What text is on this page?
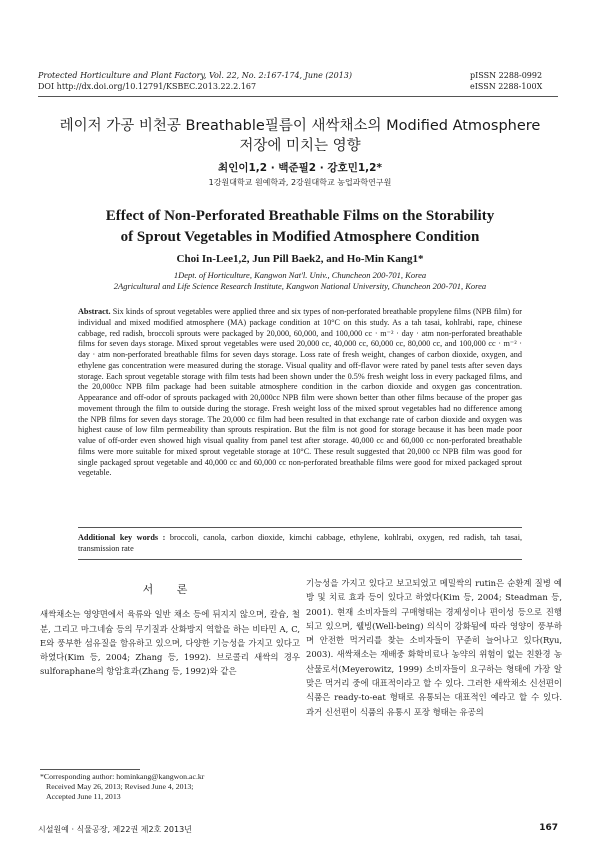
Protected Horticulture and Plant Factory, Vol. 22, No. 2:167-174, June (2013)
DOI http://dx.doi.org/10.12791/KSBEC.2013.22.2.167
pISSN 2288-0992
eISSN 2288-100X
레이저 가공 비천공 Breathable필름이 새싹채소의 Modified Atmosphere
저장에 미치는 영향
최인이1,2 · 백준필2 · 강호민1,2*
1강원대학교 원예학과, 2강원대학교 농업과학연구원
Effect of Non-Perforated Breathable Films on the Storability
of Sprout Vegetables in Modified Atmosphere Condition
Choi In-Lee1,2, Jun Pill Baek2, and Ho-Min Kang1*
1Dept. of Horticulture, Kangwon Nat'l. Univ., Chuncheon 200-701, Korea
2Agricultural and Life Science Research Institute, Kangwon National University, Chuncheon 200-701, Korea
Abstract. Six kinds of sprout vegetables were applied three and six types of non-perforated breathable propylene films (NPB film) for individual and mixed modified atmosphere (MA) package condition at 10°C on this study. As a tah tasai, kohlrabi, rape, chinese cabbage, red radish, broccoli sprouts were packaged by 20,000, 60,000, and 100,000 cc · m⁻² · day · atm non-perforated breathable films for seven days storage. Mixed sprout vegetables were used 20,000 cc, 40,000 cc, 60,000 cc, 80,000 cc, and 100,000 cc · m⁻² · day · atm non-perforated breathable films for seven days storage. Loss rate of fresh weight, changes of carbon dioxide, oxygen, and ethylene gas concentration were measured during the storage. Visual quality and off-flavor were rated by panel tests after seven days storage. Each sprout vegetable storage with film tests had been shown under the 0.5% fresh weight loss in every packaged films, and the 20,000cc NPB film package had been suitable atmosphere condition in the carbon dioxide and oxygen gas concentration. Appearance and off-odor of sprouts packaged with 20,000cc NPB film were shown better than other films because of the proper gas movement through the film to outside during the storage. Fresh weight loss of the mixed sprout vegetables had no difference among the NPB films for seven days storage. The 20,000 cc film had been resulted in that exchange rate of carbon dioxide and oxygen was highest cause of low film permeability than sprouts respiration. But the film is not good for storage because it has been made poor value of off-order even showed high visual quality from panel test after storage. 40,000 cc and 60,000 cc non-perforated breathable films were more suitable for mixed sprout vegetable storage at 10°C. These result suggested that 20,000 cc NPB film was good for single packaged sprout vegetable and 40,000 cc and 60,000 cc non-perforated breathable films were good for mixed packaged sprout vegetable.
Additional key words : broccoli, canola, carbon dioxide, kimchi cabbage, ethylene, kohlrabi, oxygen, red radish, tah tasai, transmission rate
서 론

새싹채소는 영양면에서 육류와 일반 채소 등에 뒤지지 않으며, 칼슘, 철분, 그리고 마그네슘 등의 무기질과 산화방지 역할을 하는 비타민 A, C, E와 풍부한 섬유질을 함유하고 있으며, 다양한 기능성을 가지고 있다고 하였다(Kim 등, 2004; Zhang 등, 1992). 브로콜리 새싹의 경우 sulforaphane의 항암효과(Zhang 등, 1992)와 같은

기능성을 가지고 있다고 보고되었고 메밀싹의 rutin은 순환계 질병 예방 및 치료 효과 등이 있다고 하였다(Kim 등, 2004; Steadman 등, 2001). 현재 소비자들의 구매형태는 경제성이나 편이성 등으로 진행되고 있으며, 웰빙(Well-being) 의식이 강화됨에 따라 영양이 풍부하며 안전한 먹거리를 찾는 소비자들이 꾸준히 늘어나고 있다(Ryu, 2003). 새싹채소는 재배중 화학비료나 농약의 위험이 없는 친환경 농산물로서(Meyerowitz, 1999) 소비자들이 요구하는 형태에 가장 알맞은 먹거리 중에 대표적이라고 할 수 있다. 그러한 새싹채소 신선편이 식품은 ready-to-eat 형태로 유통되는 대표적인 예라고 할 수 있다. 과거 신선편이 식품의 유통시 포장 형태는 유공의

*Corresponding author: hominkang@kangwon.ac.kr
Received May 26, 2013; Revised June 4, 2013;
Accepted June 11, 2013
시설원예 · 식물공장, 제22권 제2호 2013년	167
